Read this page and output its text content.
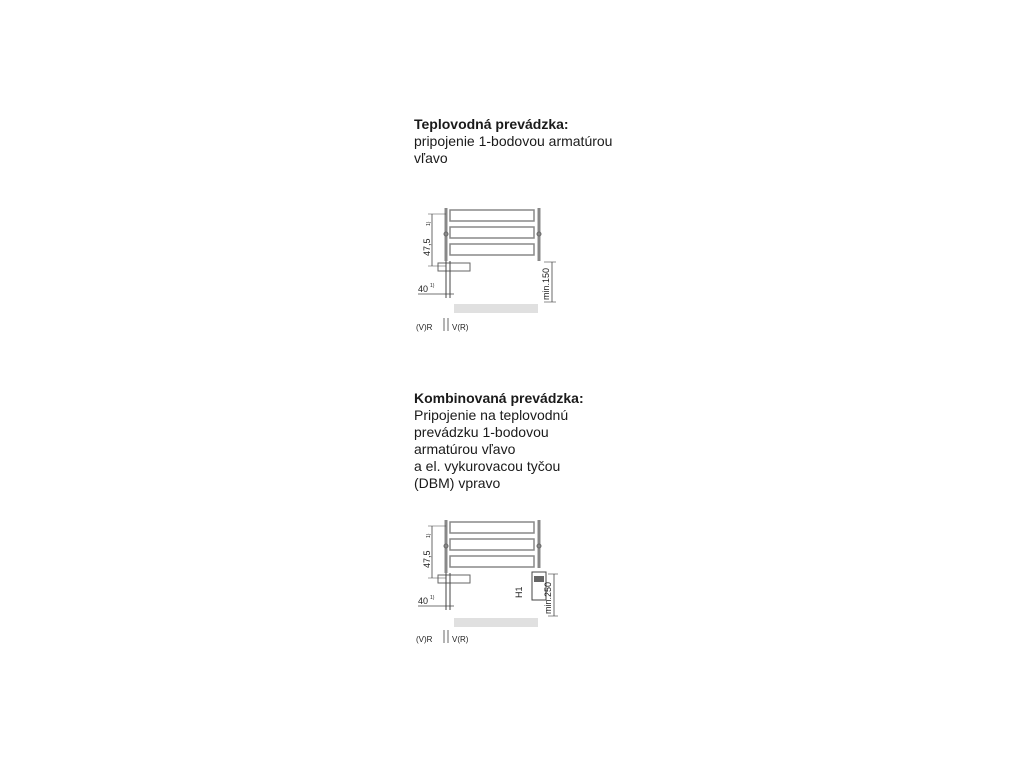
Teplovodná prevádzka:

pripojenie 1-bodovou armatúrou

vľavo

47,5
1)
40 1)	min.150
(V)R V(R)

Kombinovaná prevádzka:

Pripojenie na teplovodnú

prevádzku 1-bodovou

armatúrou vľavo

a el. vykurovacou tyčou

(DBM) vpravo

H1
47,5
1)
40 1)	min.250
(V)R V(R)
